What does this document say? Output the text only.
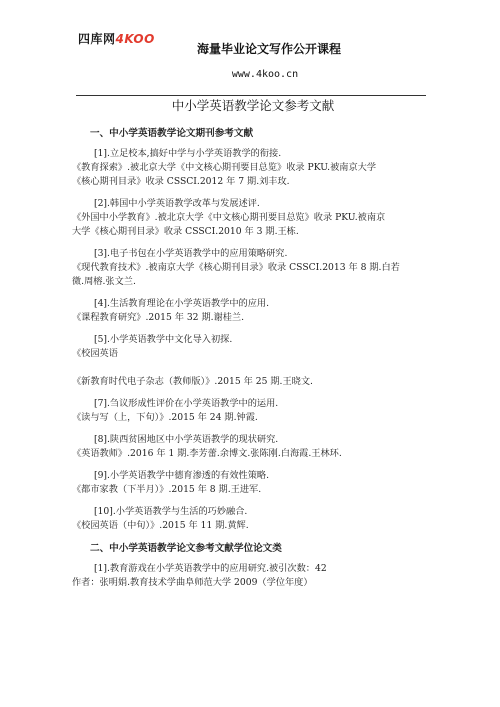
四库网4KOO
海量毕业论文写作公开课程
www.4koo.cn
中小学英语教学论文参考文献
一、中小学英语教学论文期刊参考文献
[1].立足校本,搞好中学与小学英语教学的衔接.
《教育探索》.被北京大学《中文核心期刊要目总览》收录 PKU.被南京大学
《核心期刊目录》收录 CSSCI.2012 年 7 期.刘丰玫.
[2].韩国中小学英语教学改革与发展述评.
《外国中小学教育》.被北京大学《中文核心期刊要目总览》收录 PKU.被南京
大学《核心期刊目录》收录 CSSCI.2010 年 3 期.王栋.
[3].电子书包在小学英语教学中的应用策略研究.
《现代教育技术》.被南京大学《核心期刊目录》收录 CSSCI.2013 年 8 期.白若
微.周榕.张文兰.
[4].生活教育理论在小学英语教学中的应用.
《课程教育研究》.2015 年 32 期.谢桂兰.
[5].小学英语教学中文化导入初探.
《校园英语
《新教育时代电子杂志（教师版）》.2015 年 25 期.王晓文.
[7].刍议形成性评价在小学英语教学中的运用.
《读与写（上，下旬）》.2015 年 24 期.钟霞.
[8].陕西贫困地区中小学英语教学的现状研究.
《英语教师》.2016 年 1 期.李芳蕾.余博文.张陈刚.白海霞.王林环.
[9].小学英语教学中德育渗透的有效性策略.
《都市家教（下半月）》.2015 年 8 期.王进军.
[10].小学英语教学与生活的巧妙融合.
《校园英语（中旬）》.2015 年 11 期.黄辉.
二、中小学英语教学论文参考文献学位论文类
[1].教育游戏在小学英语教学中的应用研究.被引次数：42
作者：张明娟.教育技术学曲阜师范大学 2009（学位年度）
